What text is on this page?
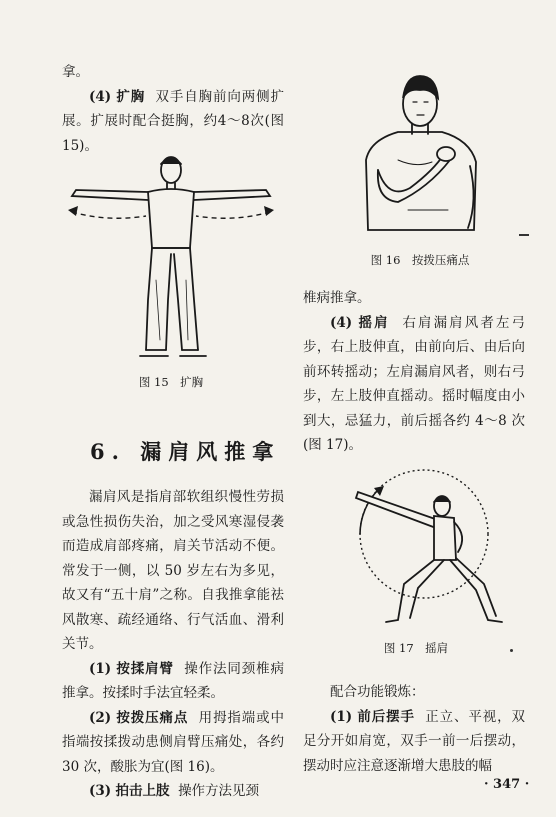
拿。

(4) 扩胸 双手自胸前向两侧扩展。扩展时配合挺胸，约4～8次(图15)。

图 15　扩胸
6. 漏肩风推拿

漏肩风是指肩部软组织慢性劳损或急性损伤失治，加之受风寒湿侵袭而造成肩部疼痛，肩关节活动不便。常发于一侧，以 50 岁左右为多见，故又有“五十肩”之称。自我推拿能祛风散寒、疏经通络、行气活血、滑利关节。

(1) 按揉肩臂 操作法同颈椎病推拿。按揉时手法宜轻柔。

(2) 按拨压痛点 用拇指端或中指端按揉拨动患侧肩臂压痛处，各约 30 次，酸胀为宜(图 16)。

(3) 拍击上肢 操作方法见颈

图 16　按拨压痛点

椎病推拿。

(4) 摇肩 右肩漏肩风者左弓步，右上肢伸直，由前向后、由后向前环转摇动；左肩漏肩风者，则右弓步，左上肢伸直摇动。摇时幅度由小到大，忌猛力，前后摇各约 4～8 次(图 17)。

图 17　摇肩

配合功能锻炼：

(1) 前后摆手 正立、平视，双足分开如肩宽，双手一前一后摆动，摆动时应注意逐渐增大患肢的幅

· 347 ·
